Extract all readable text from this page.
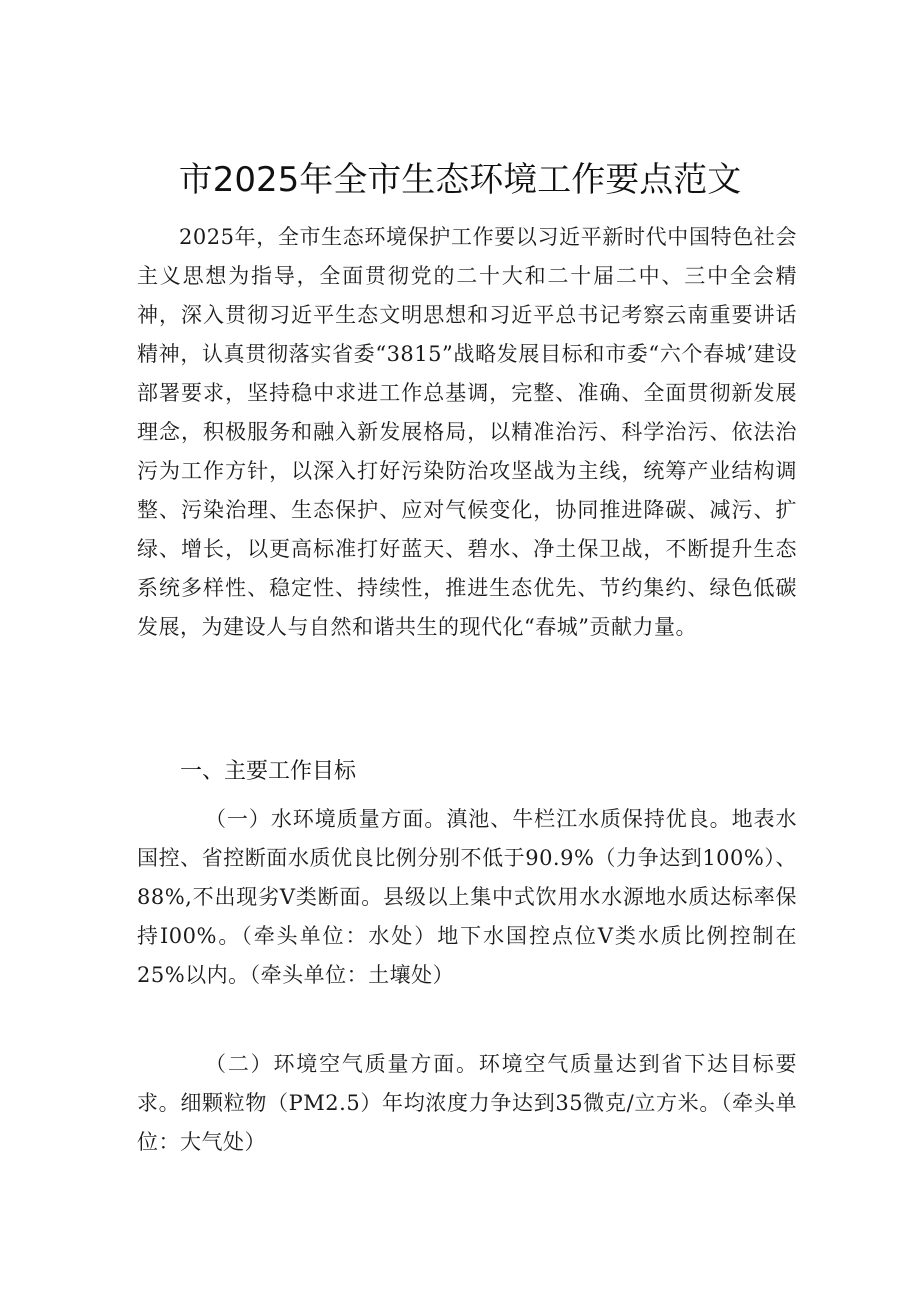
市2025年全市生态环境工作要点范文

2025年，全市生态环境保护工作要以习近平新时代中国特色社会主义思想为指导，全面贯彻党的二十大和二十届二中、三中全会精神，深入贯彻习近平生态文明思想和习近平总书记考察云南重要讲话精神，认真贯彻落实省委“3815”战略发展目标和市委“六个春城’建设部署要求，坚持稳中求进工作总基调，完整、准确、全面贯彻新发展理念，积极服务和融入新发展格局，以精准治污、科学治污、依法治污为工作方针，以深入打好污染防治攻坚战为主线，统筹产业结构调整、污染治理、生态保护、应对气候变化，协同推进降碳、减污、扩绿、增长，以更高标准打好蓝天、碧水、净土保卫战，不断提升生态系统多样性、稳定性、持续性，推进生态优先、节约集约、绿色低碳发展，为建设人与自然和谐共生的现代化“春城”贡献力量。

一、主要工作目标

（一）水环境质量方面。滇池、牛栏江水质保持优良。地表水国控、省控断面水质优良比例分别不低于90.9%（力争达到100%）、88%,不出现劣V类断面。县级以上集中式饮用水水源地水质达标率保持I00%。（牵头单位：水处）地下水国控点位V类水质比例控制在25%以内。（牵头单位：土壤处）

（二）环境空气质量方面。环境空气质量达到省下达目标要求。细颗粒物（PM2.5）年均浓度力争达到35微克/立方米。（牵头单位：大气处）
